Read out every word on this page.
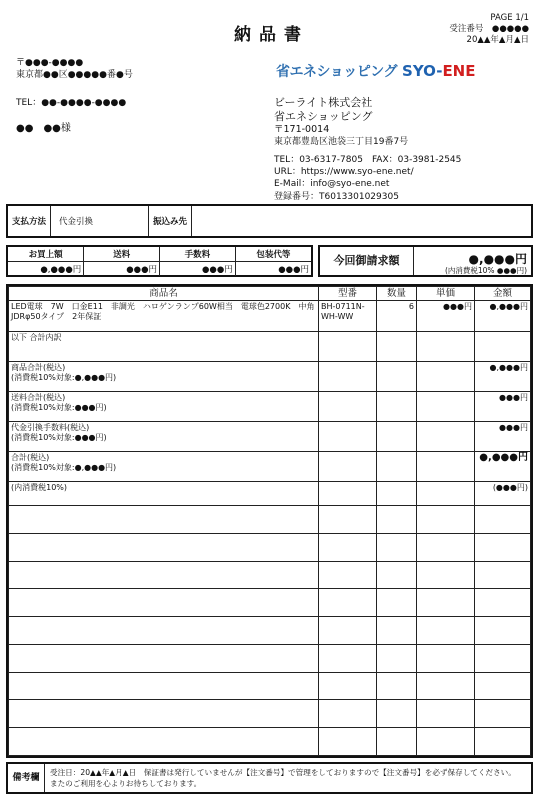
納品書
PAGE 1/1
受注番号　 ●●●●●
20▲▲年▲月▲日
〒●●●-●●●●
東京都●●区●●●●●番●号
TEL：●●-●●●●-●●●●
●●　●●様
省エネショッピング SYO-ENE
ビーライト株式会社
省エネショッピング
〒171-0014
東京都豊島区池袋三丁目19番7号
TEL：03-6317-7805　FAX：03-3981-2545
URL：https://www.syo-ene.net/
E-Mail：info@syo-ene.net
登録番号：T6013301029305
支払方法	代金引換	振込み先	
お買上額	送料	手数料	包装代等
●,●●●円	●●●円	●●●円	●●●円
今回御請求額	●,●●●円
(内消費税10% ●●●円)
商品名	型番	数量	単価	金額
LED電球　7W　口金E11　非調光　ハロゲンランプ60W相当　電球色2700K　中角　JDRφ50タイプ　2年保証	BH-0711N-WH-WW	6	●●●円	●,●●●円
以下 合計内訳				

商品合計(税込)
(消費税10%対象:●,●●●円)				●,●●●円

送料合計(税込)
(消費税10%対象:●●●円)				●●●円

代金引換手数料(税込)
(消費税10%対象:●●●円)				●●●円

合計(税込)
(消費税10%対象:●,●●●円)				●,●●●円
(内消費税10%)				(●●●円)

備考欄
受注日：20▲▲年▲月▲日　保証書は発行していませんが【注文番号】で管理をしておりますので【注文番号】を必ず保存してください。
またのご利用を心よりお待ちしております。
